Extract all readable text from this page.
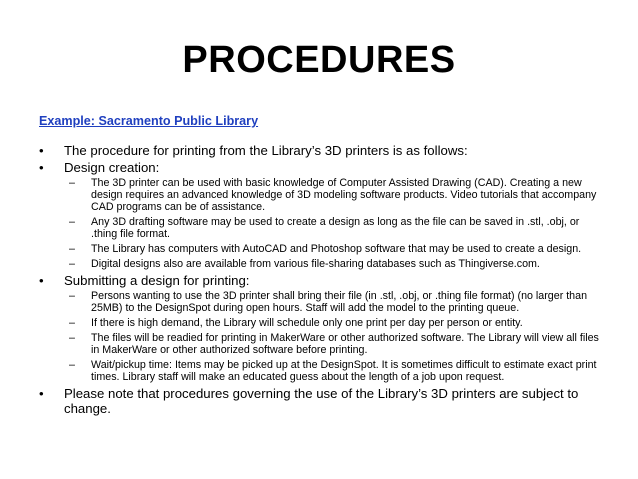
PROCEDURES
Example: Sacramento Public Library
• The procedure for printing from the Library’s 3D printers is as follows:
• Design creation:
– The 3D printer can be used with basic knowledge of Computer Assisted Drawing (CAD). Creating a new design requires an advanced knowledge of 3D modeling software products. Video tutorials that accompany CAD programs can be of assistance.
– Any 3D drafting software may be used to create a design as long as the file can be saved in .stl, .obj, or .thing file format.
– The Library has computers with AutoCAD and Photoshop software that may be used to create a design.
– Digital designs also are available from various file-sharing databases such as Thingiverse.com.
• Submitting a design for printing:
– Persons wanting to use the 3D printer shall bring their file (in .stl, .obj, or .thing file format) (no larger than 25MB) to the DesignSpot during open hours. Staff will add the model to the printing queue.
– If there is high demand, the Library will schedule only one print per day per person or entity.
– The files will be readied for printing in MakerWare or other authorized software. The Library will view all files in MakerWare or other authorized software before printing.
– Wait/pickup time: Items may be picked up at the DesignSpot. It is sometimes difficult to estimate exact print times. Library staff will make an educated guess about the length of a job upon request.
• Please note that procedures governing the use of the Library’s 3D printers are subject to change.
